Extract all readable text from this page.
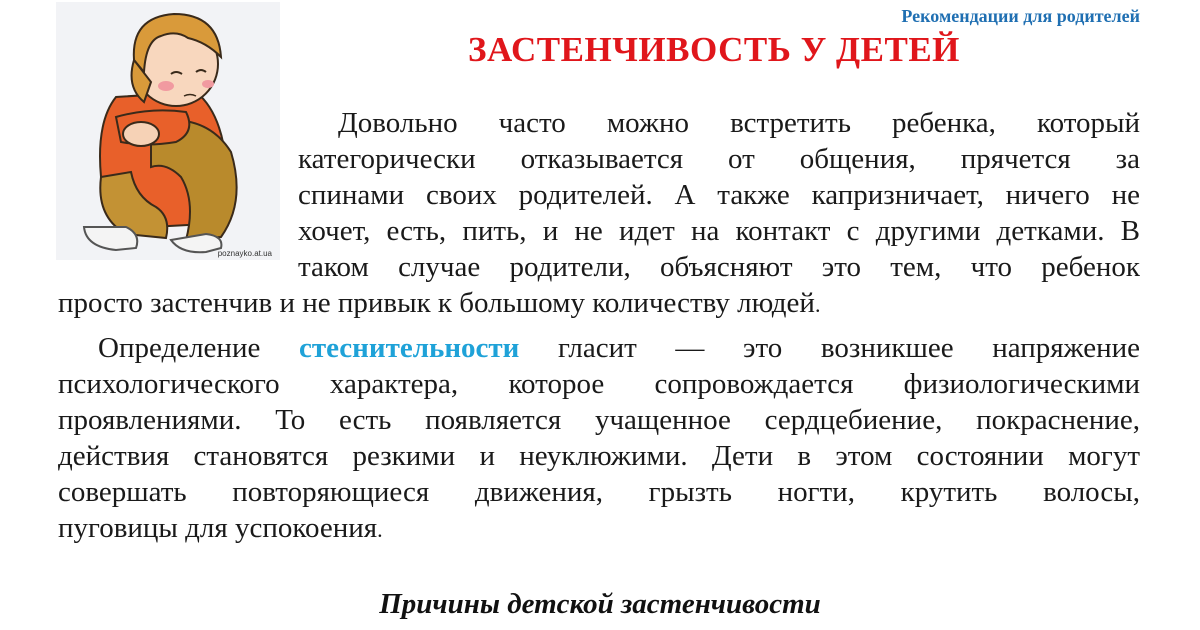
poznayko.at.ua
Рекомендации для родителей
ЗАСТЕНЧИВОСТЬ У ДЕТЕЙ
Довольно часто можно встретить ребенка, который
категорически отказывается от общения, прячется за
спинами своих родителей. А также капризничает, ничего не
хочет, есть, пить, и не идет на контакт с другими детками. В
таком случае родители, объясняют это тем, что ребенок
просто застенчив и не привык к большому количеству людей.
Определение стеснительности гласит — это возникшее напряжение
психологического характера, которое сопровождается физиологическими
проявлениями. То есть появляется учащенное сердцебиение, покраснение,
действия становятся резкими и неуклюжими. Дети в этом состоянии могут
совершать повторяющиеся движения, грызть ногти, крутить волосы,
пуговицы для успокоения.
Причины детской застенчивости
